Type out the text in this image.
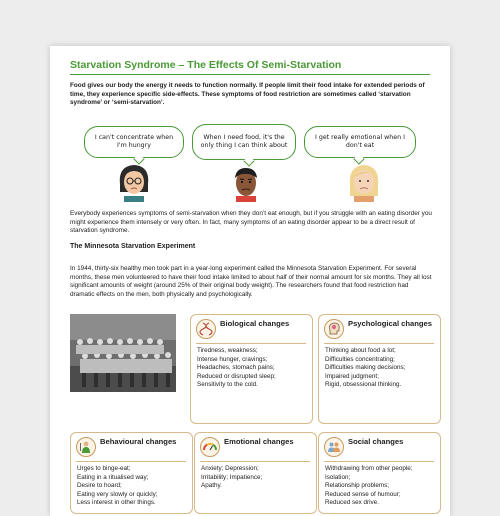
Starvation Syndrome – The Effects Of Semi-Starvation
Food gives our body the energy it needs to function normally. If people limit their food intake for extended periods of time, they experience specific side-effects. These symptoms of food restriction are sometimes called ‘starvation syndrome’ or ‘semi-starvation’.
I can't concentrate when I'm hungry
When I need food, it's the only thing I can think about
I get really emotional when I don't eat
Everybody experiences symptoms of semi-starvation when they don’t eat enough, but if you struggle with an eating disorder you might experience them intensely or very often. In fact, many symptoms of an eating disorder appear to be a direct result of starvation syndrome.
The Minnesota Starvation Experiment
In 1944, thirty-six healthy men took part in a year-long experiment called the Minnesota Starvation Experiment. For several months, these men volunteered to have their food intake limited to about half of their normal amount for six months. They all lost significant amounts of weight (around 25% of their original body weight). The researchers found that food restriction had dramatic effects on the men, both physically and psychologically.
Biological changes
Tiredness, weakness;
Intense hunger, cravings;
Headaches, stomach pains;
Reduced or disrupted sleep;
Sensitivity to the cold.
Psychological changes
Thinking about food a lot;
Difficulties concentrating;
Difficulties making decisions;
Impaired judgment;
Rigid, obsessional thinking.
Behavioural changes
Urges to binge-eat;
Eating in a ritualised way;
Desire to hoard;
Eating very slowly or quickly;
Less interest in other things.
Emotional changes
Anxiety; Depression;
Irritability; Impatience;
Apathy.
Social changes
Withdrawing from other people; Isolation;
Relationship problems;
Reduced sense of humour;
Reduced sex drive.
